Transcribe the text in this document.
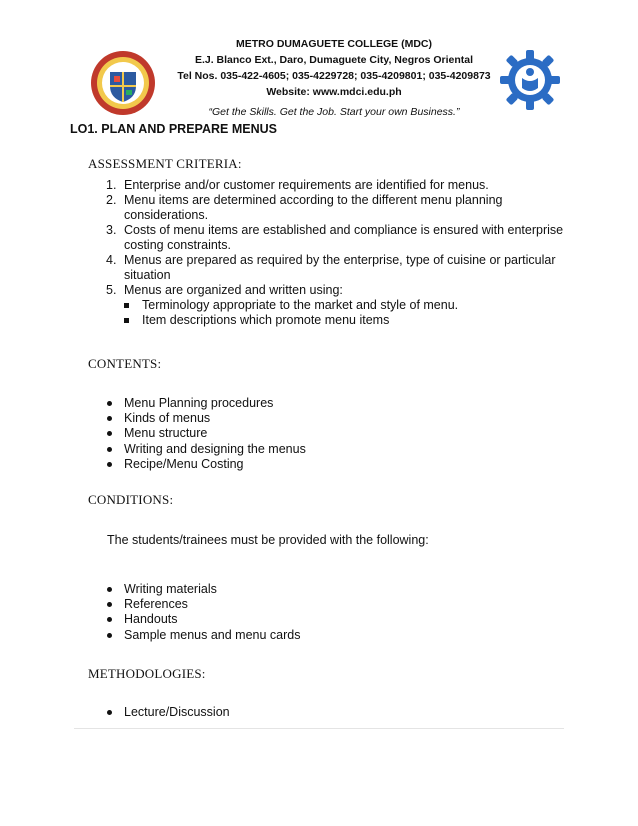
METRO DUMAGUETE COLLEGE (MDC)
E.J. Blanco Ext., Daro, Dumaguete City, Negros Oriental
Tel Nos. 035-422-4605; 035-4229728; 035-4209801; 035-4209873
Website: www.mdci.edu.ph
“Get the Skills. Get the Job. Start your own Business.”
LO1. PLAN AND PREPARE MENUS
ASSESSMENT CRITERIA:
1. Enterprise and/or customer requirements are identified for menus.
2. Menu items are determined according to the different menu planning considerations.
3. Costs of menu items are established and compliance is ensured with enterprise costing constraints.
4. Menus are prepared as required by the enterprise, type of cuisine or particular situation
5. Menus are organized and written using:
Terminology appropriate to the market and style of menu.
Item descriptions which promote menu items
CONTENTS:
Menu Planning procedures
Kinds of menus
Menu structure
Writing and designing the menus
Recipe/Menu Costing
CONDITIONS:
The students/trainees must be provided with the following:
Writing materials
References
Handouts
Sample menus and menu cards
METHODOLOGIES:
Lecture/Discussion
